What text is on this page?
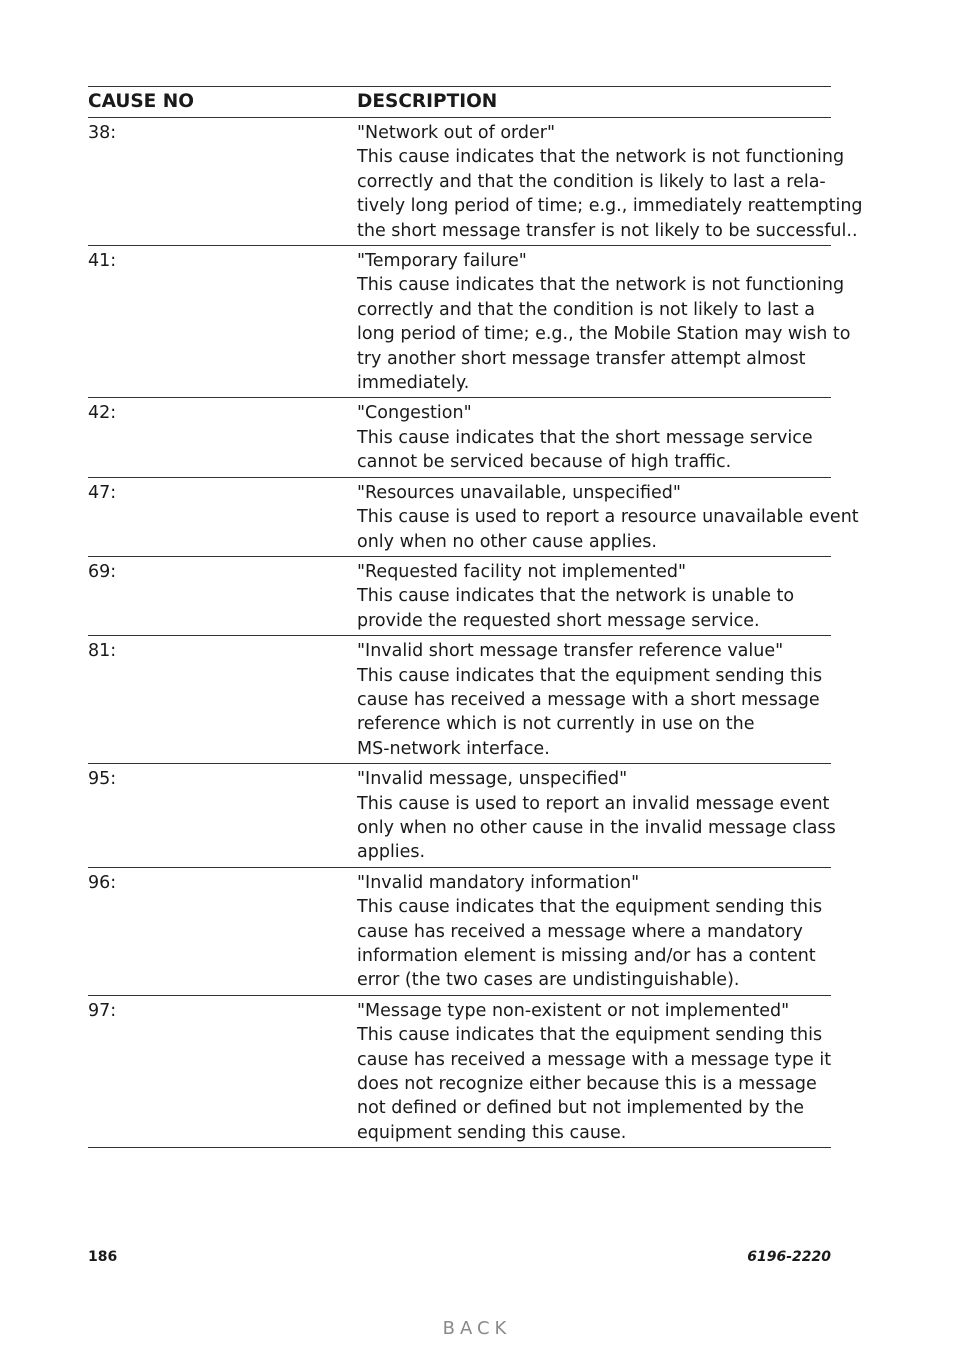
CAUSE NO	DESCRIPTION
38:	"Network out of order"
This cause indicates that the network is not functioning
correctly and that the condition is likely to last a rela-
tively long period of time; e.g., immediately reattempting
the short message transfer is not likely to be successful..
41:	"Temporary failure"
This cause indicates that the network is not functioning
correctly and that the condition is not likely to last a
long period of time; e.g., the Mobile Station may wish to
try another short message transfer attempt almost
immediately.
42:	"Congestion"
This cause indicates that the short message service
cannot be serviced because of high traffic.
47:	"Resources unavailable, unspecified"
This cause is used to report a resource unavailable event
only when no other cause applies.
69:	"Requested facility not implemented"
This cause indicates that the network is unable to
provide the requested short message service.
81:	"Invalid short message transfer reference value"
This cause indicates that the equipment sending this
cause has received a message with a short message
reference which is not currently in use on the
MS-network interface.
95:	"Invalid message, unspecified"
This cause is used to report an invalid message event
only when no other cause in the invalid message class
applies.
96:	"Invalid mandatory information"
This cause indicates that the equipment sending this
cause has received a message where a mandatory
information element is missing and/or has a content
error (the two cases are undistinguishable).
97:	"Message type non-existent or not implemented"
This cause indicates that the equipment sending this
cause has received a message with a message type it
does not recognize either because this is a message
not defined or defined but not implemented by the
equipment sending this cause.
186	6196-2220
BACK
